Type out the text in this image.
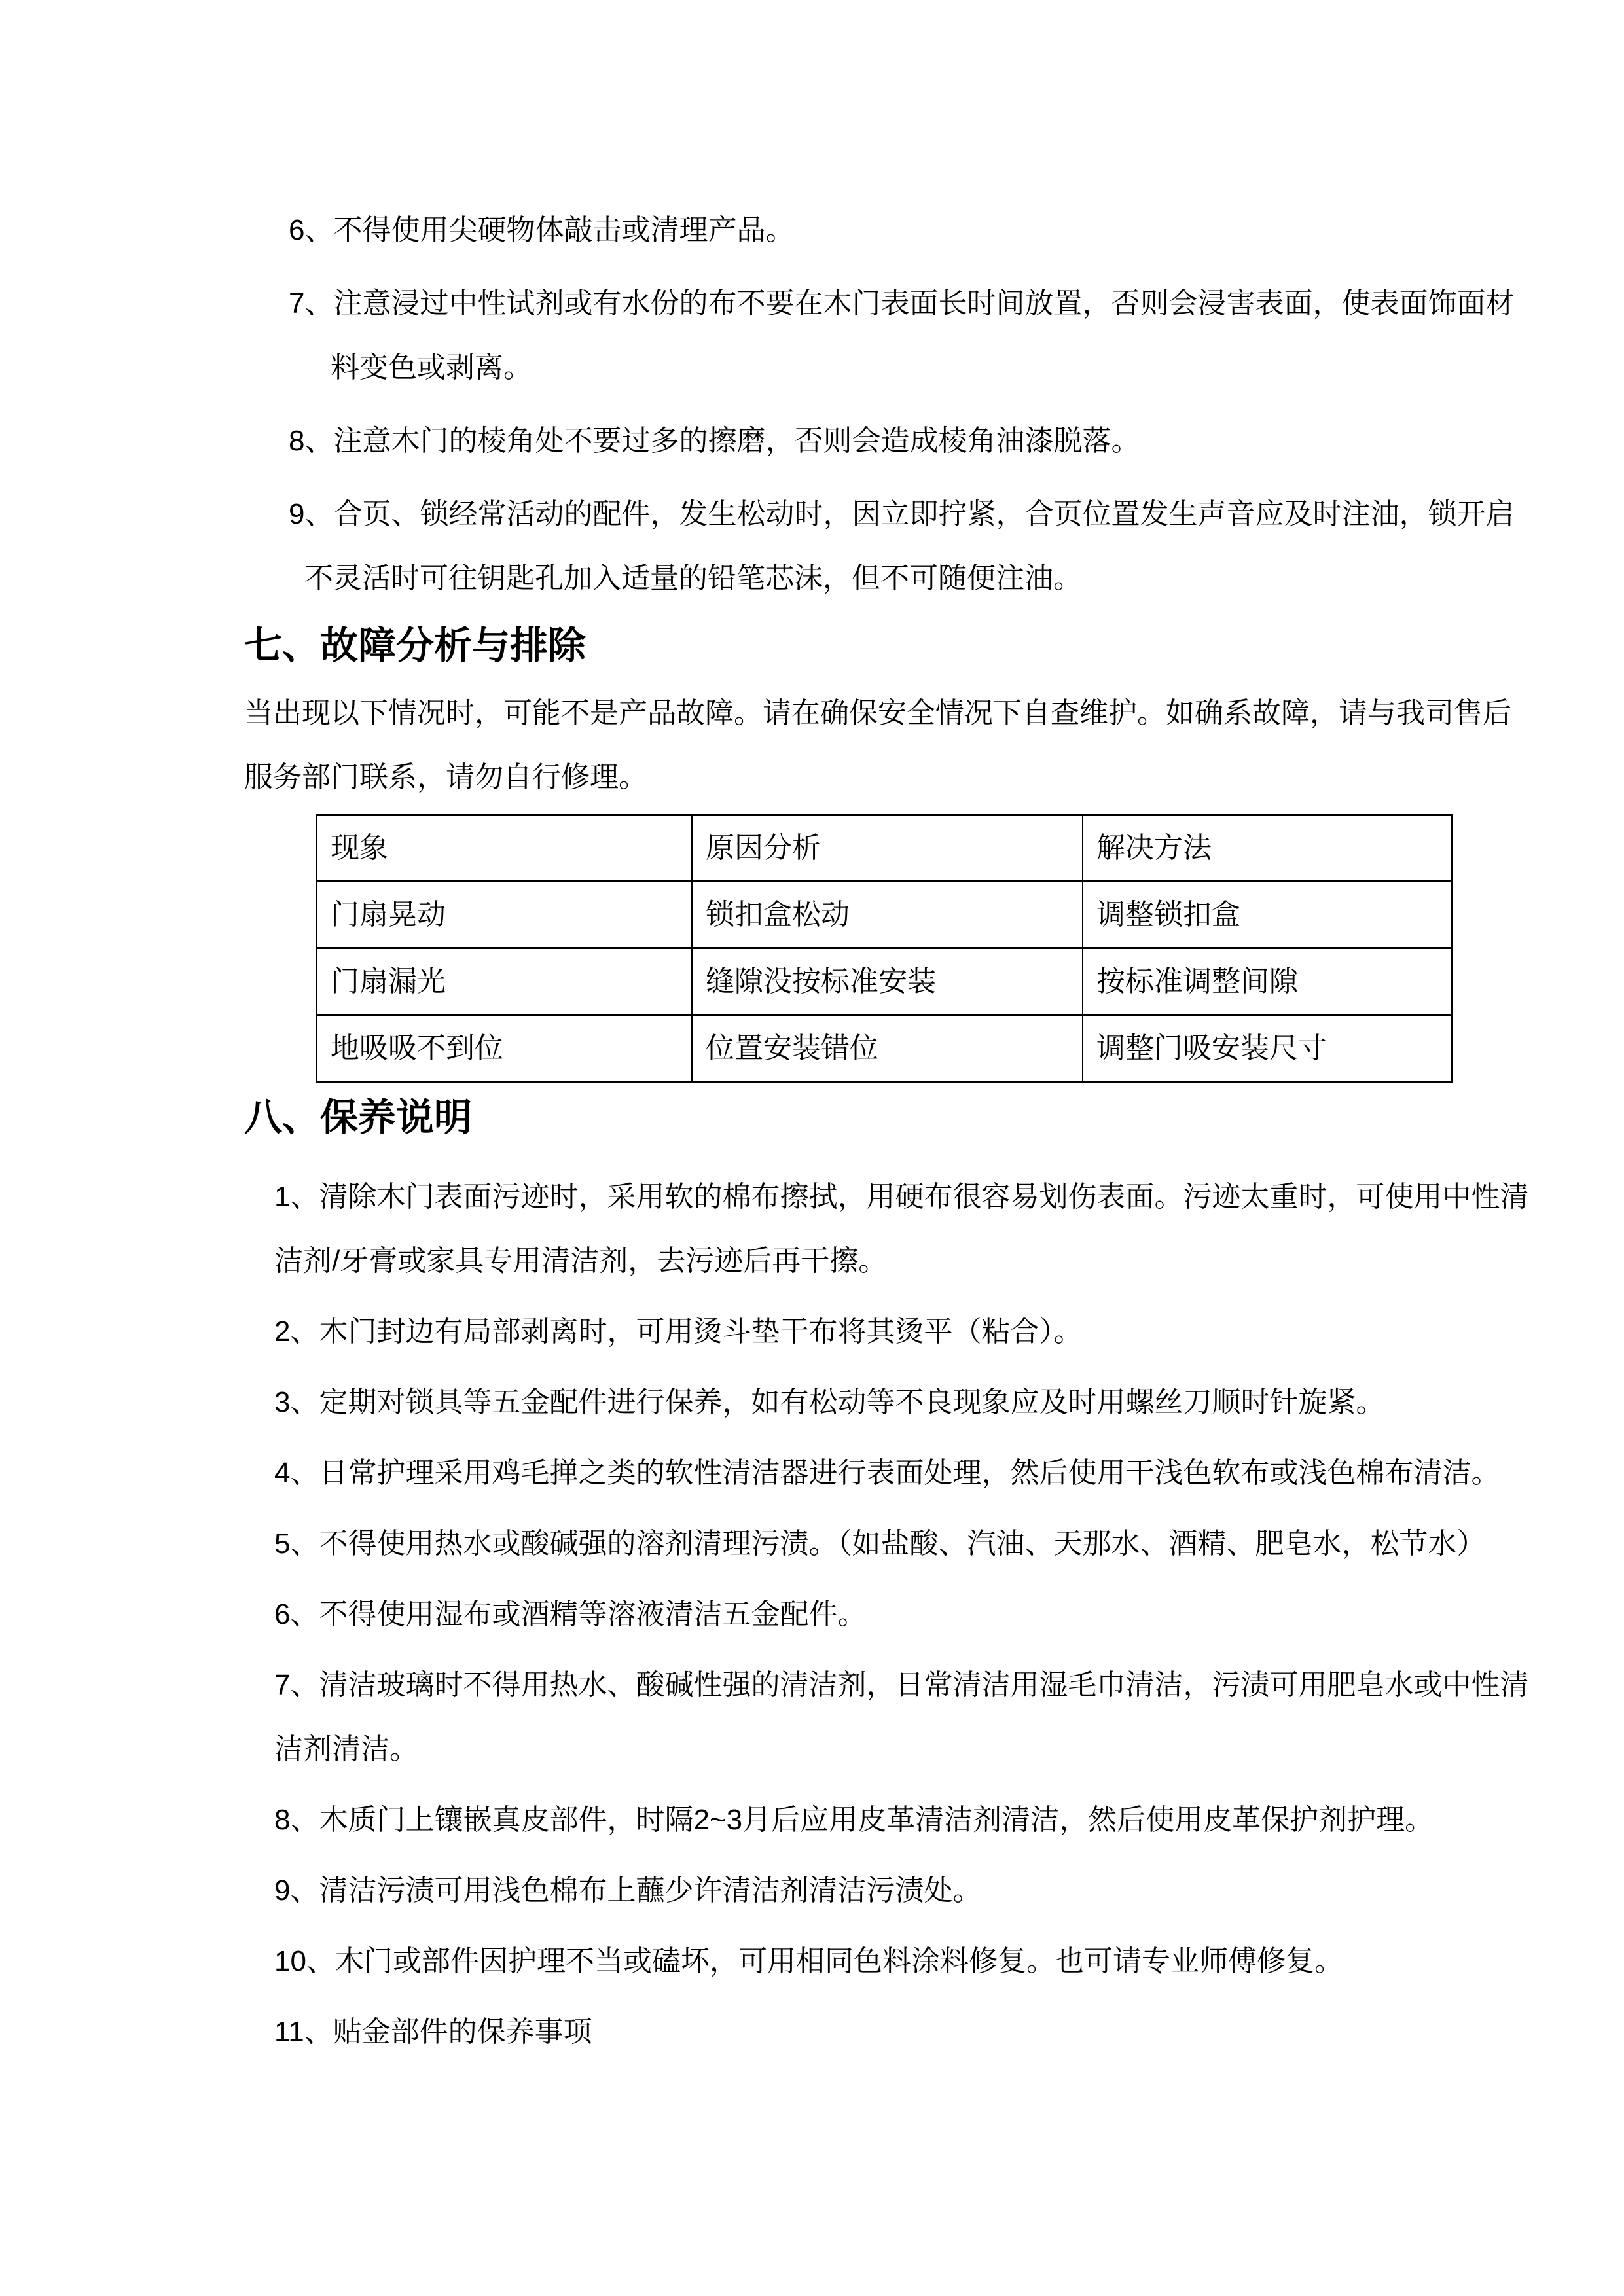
6、不得使用尖硬物体敲击或清理产品。
7、注意浸过中性试剂或有水份的布不要在木门表面长时间放置，否则会浸害表面，使表面饰面材料变色或剥离。
8、注意木门的棱角处不要过多的擦磨，否则会造成棱角油漆脱落。
9、合页、锁经常活动的配件，发生松动时，因立即拧紧，合页位置发生声音应及时注油，锁开启不灵活时可往钥匙孔加入适量的铅笔芯沫，但不可随便注油。
七、故障分析与排除

当出现以下情况时，可能不是产品故障。请在确保安全情况下自查维护。如确系故障，请与我司售后服务部门联系，请勿自行修理。

现象	原因分析	解决方法
门扇晃动	锁扣盒松动	调整锁扣盒
门扇漏光	缝隙没按标准安装	按标准调整间隙
地吸吸不到位	位置安装错位	调整门吸安装尺寸
八、保养说明
1、清除木门表面污迹时，采用软的棉布擦拭，用硬布很容易划伤表面。污迹太重时，可使用中性清洁剂/牙膏或家具专用清洁剂，去污迹后再干擦。
2、木门封边有局部剥离时，可用烫斗垫干布将其烫平（粘合）。
3、定期对锁具等五金配件进行保养，如有松动等不良现象应及时用螺丝刀顺时针旋紧。
4、日常护理采用鸡毛掸之类的软性清洁器进行表面处理，然后使用干浅色软布或浅色棉布清洁。
5、不得使用热水或酸碱强的溶剂清理污渍。（如盐酸、汽油、天那水、酒精、肥皂水，松节水）
6、不得使用湿布或酒精等溶液清洁五金配件。
7、清洁玻璃时不得用热水、酸碱性强的清洁剂，日常清洁用湿毛巾清洁，污渍可用肥皂水或中性清洁剂清洁。
8、木质门上镶嵌真皮部件，时隔2~3月后应用皮革清洁剂清洁，然后使用皮革保护剂护理。
9、清洁污渍可用浅色棉布上蘸少许清洁剂清洁污渍处。
10、木门或部件因护理不当或磕坏，可用相同色料涂料修复。也可请专业师傅修复。
11、贴金部件的保养事项
